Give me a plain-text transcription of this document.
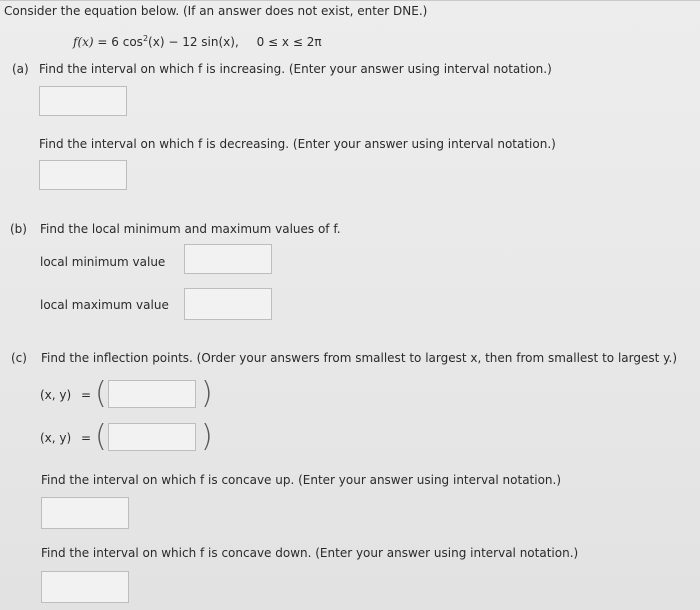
Consider the equation below. (If an answer does not exist, enter DNE.)
f(x) = 6 $\cos^2(x) - 12$ sin(x), 0 ≤ x ≤ 2π
(a) Find the interval on which f is increasing. (Enter your answer using interval notation.)
Find the interval on which f is decreasing. (Enter your answer using interval notation.)
(b) Find the local minimum and maximum values of f.
local minimum value
local maximum value
(c) Find the inflection points. (Order your answers from smallest to largest x, then from smallest to largest y.)
(x, y) = (	)
(x, y) = (	)
Find the interval on which f is concave up. (Enter your answer using interval notation.)
Find the interval on which f is concave down. (Enter your answer using interval notation.)
